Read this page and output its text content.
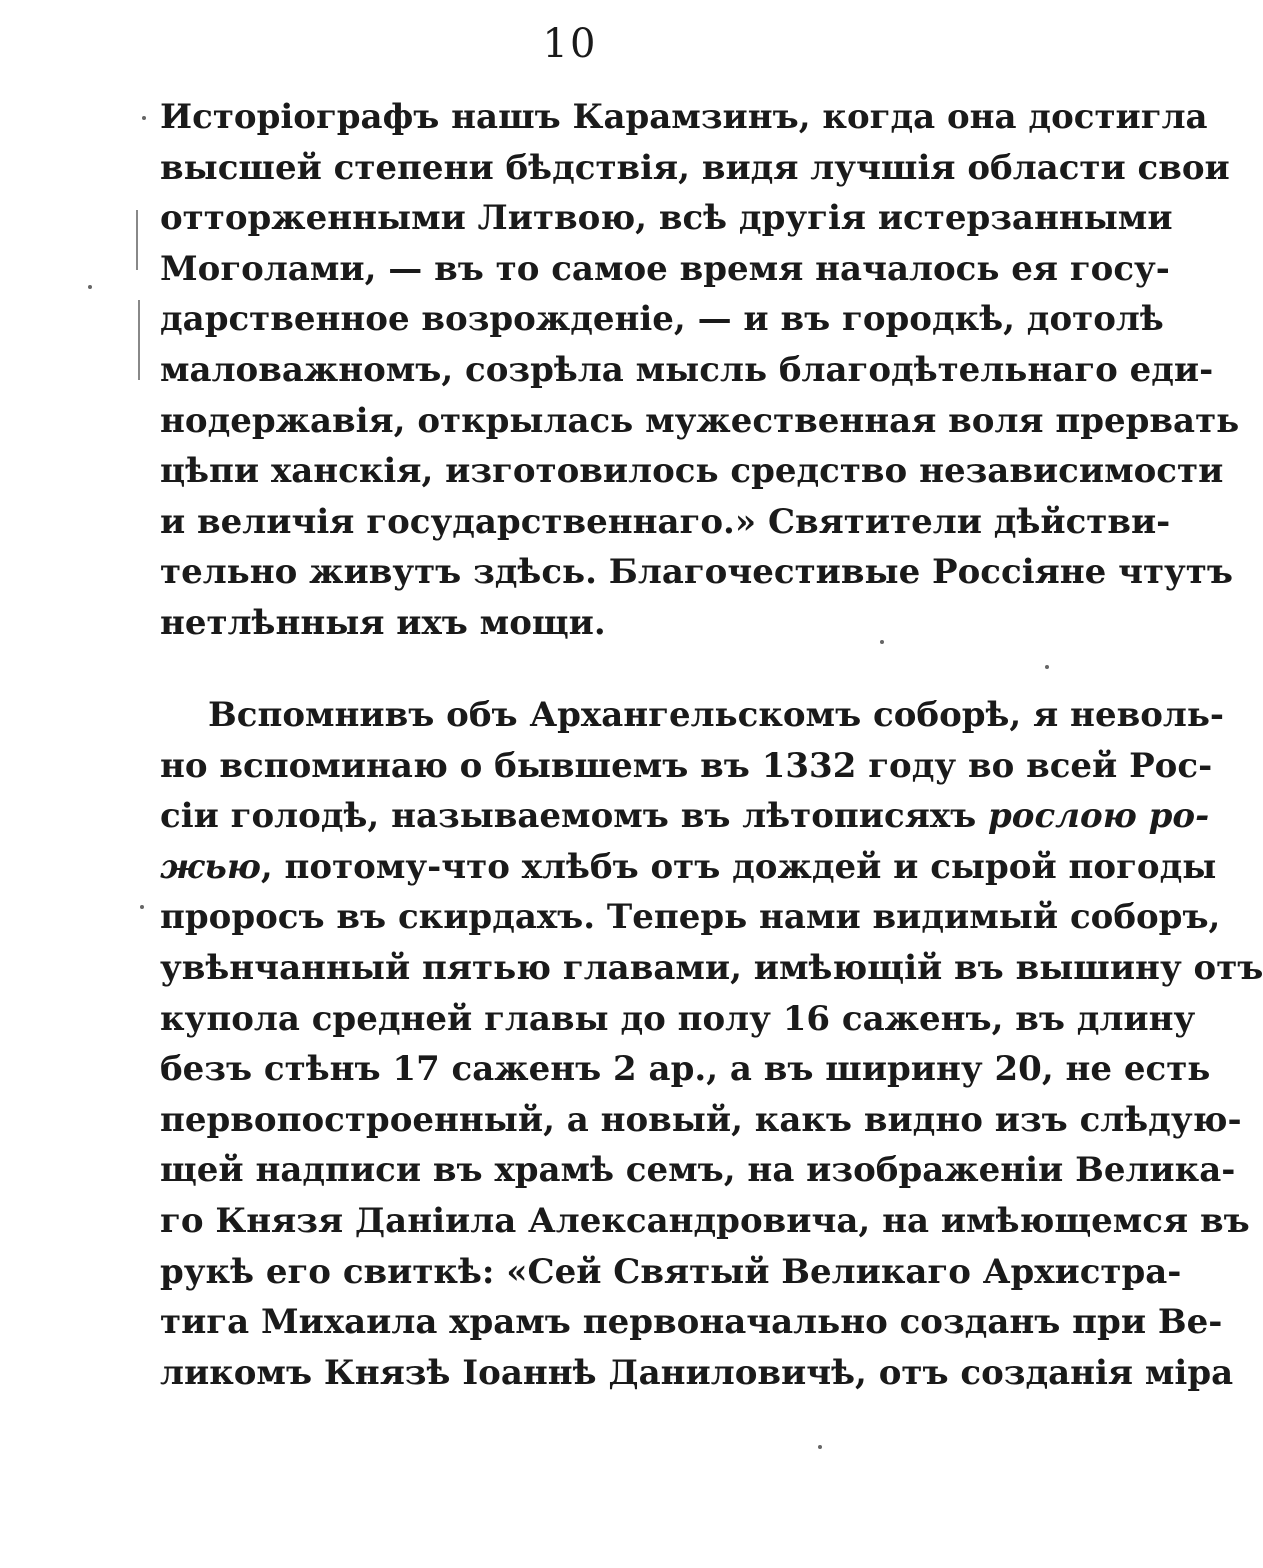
10
Исторіографъ нашъ Карамзинъ, когда она достигла
высшей степени бѣдствія, видя лучшія области свои
отторженными Литвою, всѣ другія истерзанными
Моголами, — въ то самое время началось ея госу-
дарственное возрожденіе, — и въ городкѣ, дотолѣ
маловажномъ, созрѣла мысль благодѣтельнаго еди-
нодержавія, открылась мужественная воля прервать
цѣпи ханскія, изготовилось средство независимости
и величія государственнаго.» Святители дѣйстви-
тельно живутъ здѣсь. Благочестивые Россіяне чтутъ
нетлѣнныя ихъ мощи.
Вспомнивъ объ Архангельскомъ соборѣ, я неволь-
но вспоминаю о бывшемъ въ 1332 году во всей Рос-
сіи голодѣ, называемомъ въ лѣтописяхъ рослою ро-
жью, потому-что хлѣбъ отъ дождей и сырой погоды
проросъ въ скирдахъ. Теперь нами видимый соборъ,
увѣнчанный пятью главами, имѣющій въ вышину отъ
купола средней главы до полу 16 саженъ, въ длину
безъ стѣнъ 17 саженъ 2 ар., а въ ширину 20, не есть
первопостроенный, а новый, какъ видно изъ слѣдую-
щей надписи въ храмѣ семъ, на изображеніи Велика-
го Князя Даніила Александровича, на имѣющемся въ
рукѣ его свиткѣ: «Сей Святый Великаго Архистра-
тига Михаила храмъ первоначально созданъ при Ве-
ликомъ Князѣ Іоаннѣ Даниловичѣ, отъ созданія міра
